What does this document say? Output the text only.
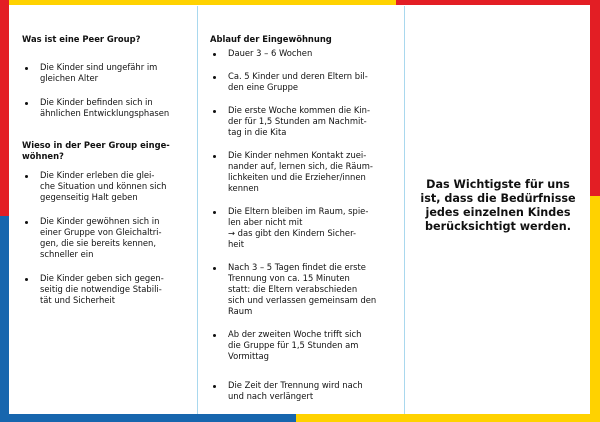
Was ist eine Peer Group?

Die Kinder sind ungefähr im
gleichen Alter
Die Kinder befinden sich in
ähnlichen Entwicklungsphasen

Wieso in der Peer Group einge-
wöhnen?

Die Kinder erleben die glei-
che Situation und können sich
gegenseitig Halt geben
Die Kinder gewöhnen sich in
einer Gruppe von Gleichaltri-
gen, die sie bereits kennen,
schneller ein
Die Kinder geben sich gegen-
seitig die notwendige Stabili-
tät und Sicherheit

Ablauf der Eingewöhnung

Dauer 3 – 6 Wochen
Ca. 5 Kinder und deren Eltern bil-
den eine Gruppe
Die erste Woche kommen die Kin-
der für 1,5 Stunden am Nachmit-
tag in die Kita
Die Kinder nehmen Kontakt zuei-
nander auf, lernen sich, die Räum-
lichkeiten und die Erzieher/innen
kennen
Die Eltern bleiben im Raum, spie-
len aber nicht mit
→ das gibt den Kindern Sicher-
heit
Nach 3 – 5 Tagen findet die erste
Trennung von ca. 15 Minuten
statt: die Eltern verabschieden
sich und verlassen gemeinsam den
Raum
Ab der zweiten Woche trifft sich
die Gruppe für 1,5 Stunden am
Vormittag
Die Zeit der Trennung wird nach
und nach verlängert
Das Wichtigste für uns
ist, dass die Bedürfnisse
jedes einzelnen Kindes
berücksichtigt werden.
